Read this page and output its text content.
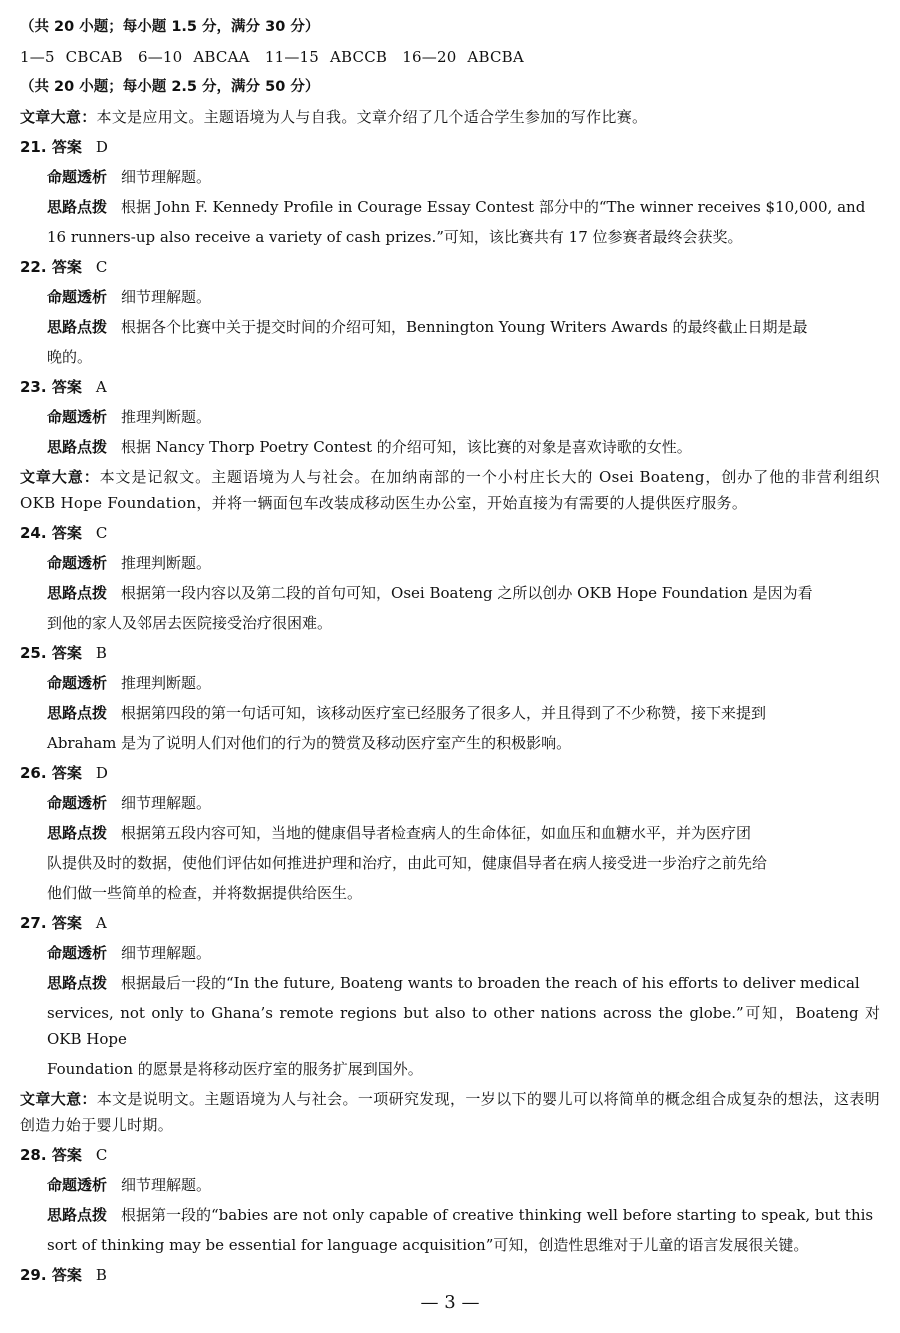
（共 20 小题；每小题 1.5 分，满分 30 分）
1—5 CBCAB　6—10 ABCAA　11—15 ABCCB　16—20 ABCBA
（共 20 小题；每小题 2.5 分，满分 50 分）
文章大意：本文是应用文。主题语境为人与自我。文章介绍了几个适合学生参加的写作比赛。
21. 答案 D
命题透析 细节理解题。
思路点拨 根据 John F. Kennedy Profile in Courage Essay Contest 部分中的“The winner receives $10,000, and
16 runners-up also receive a variety of cash prizes.”可知，该比赛共有 17 位参赛者最终会获奖。
22. 答案 C
命题透析 细节理解题。
思路点拨 根据各个比赛中关于提交时间的介绍可知，Bennington Young Writers Awards 的最终截止日期是最
晚的。
23. 答案 A
命题透析 推理判断题。
思路点拨 根据 Nancy Thorp Poetry Contest 的介绍可知，该比赛的对象是喜欢诗歌的女性。
文章大意：本文是记叙文。主题语境为人与社会。在加纳南部的一个小村庄长大的 Osei Boateng，创办了他的非营利组织 OKB Hope Foundation，并将一辆面包车改装成移动医生办公室，开始直接为有需要的人提供医疗服务。
24. 答案 C
命题透析 推理判断题。
思路点拨 根据第一段内容以及第二段的首句可知，Osei Boateng 之所以创办 OKB Hope Foundation 是因为看
到他的家人及邻居去医院接受治疗很困难。
25. 答案 B
命题透析 推理判断题。
思路点拨 根据第四段的第一句话可知，该移动医疗室已经服务了很多人，并且得到了不少称赞，接下来提到
Abraham 是为了说明人们对他们的行为的赞赏及移动医疗室产生的积极影响。
26. 答案 D
命题透析 细节理解题。
思路点拨 根据第五段内容可知，当地的健康倡导者检查病人的生命体征，如血压和血糖水平，并为医疗团
队提供及时的数据，使他们评估如何推进护理和治疗，由此可知，健康倡导者在病人接受进一步治疗之前先给
他们做一些简单的检查，并将数据提供给医生。
27. 答案 A
命题透析 细节理解题。
思路点拨 根据最后一段的“In the future, Boateng wants to broaden the reach of his efforts to deliver medical
services, not only to Ghana’s remote regions but also to other nations across the globe.”可知，Boateng 对 OKB Hope
Foundation 的愿景是将移动医疗室的服务扩展到国外。
文章大意：本文是说明文。主题语境为人与社会。一项研究发现，一岁以下的婴儿可以将简单的概念组合成复杂的想法，这表明创造力始于婴儿时期。
28. 答案 C
命题透析 细节理解题。
思路点拨 根据第一段的“babies are not only capable of creative thinking well before starting to speak, but this
sort of thinking may be essential for language acquisition”可知，创造性思维对于儿童的语言发展很关键。
29. 答案 B
— 3 —
